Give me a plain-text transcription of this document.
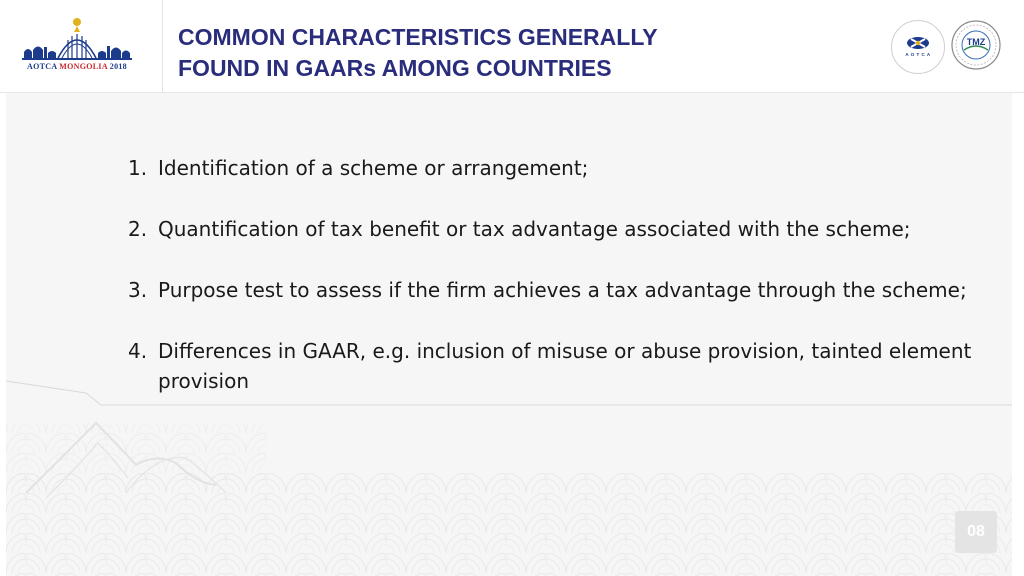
AOTCA MONGOLIA 2018
COMMON CHARACTERISTICS GENERALLY
FOUND IN GAARs AMONG COUNTRIES
A O T C A
TMZ
1. Identification of a scheme or arrangement;
2. Quantification of tax benefit or tax advantage associated with the scheme;
3. Purpose test to assess if the firm achieves a tax advantage through the scheme;
4. Differences in GAAR, e.g. inclusion of misuse or abuse provision, tainted element provision
08
